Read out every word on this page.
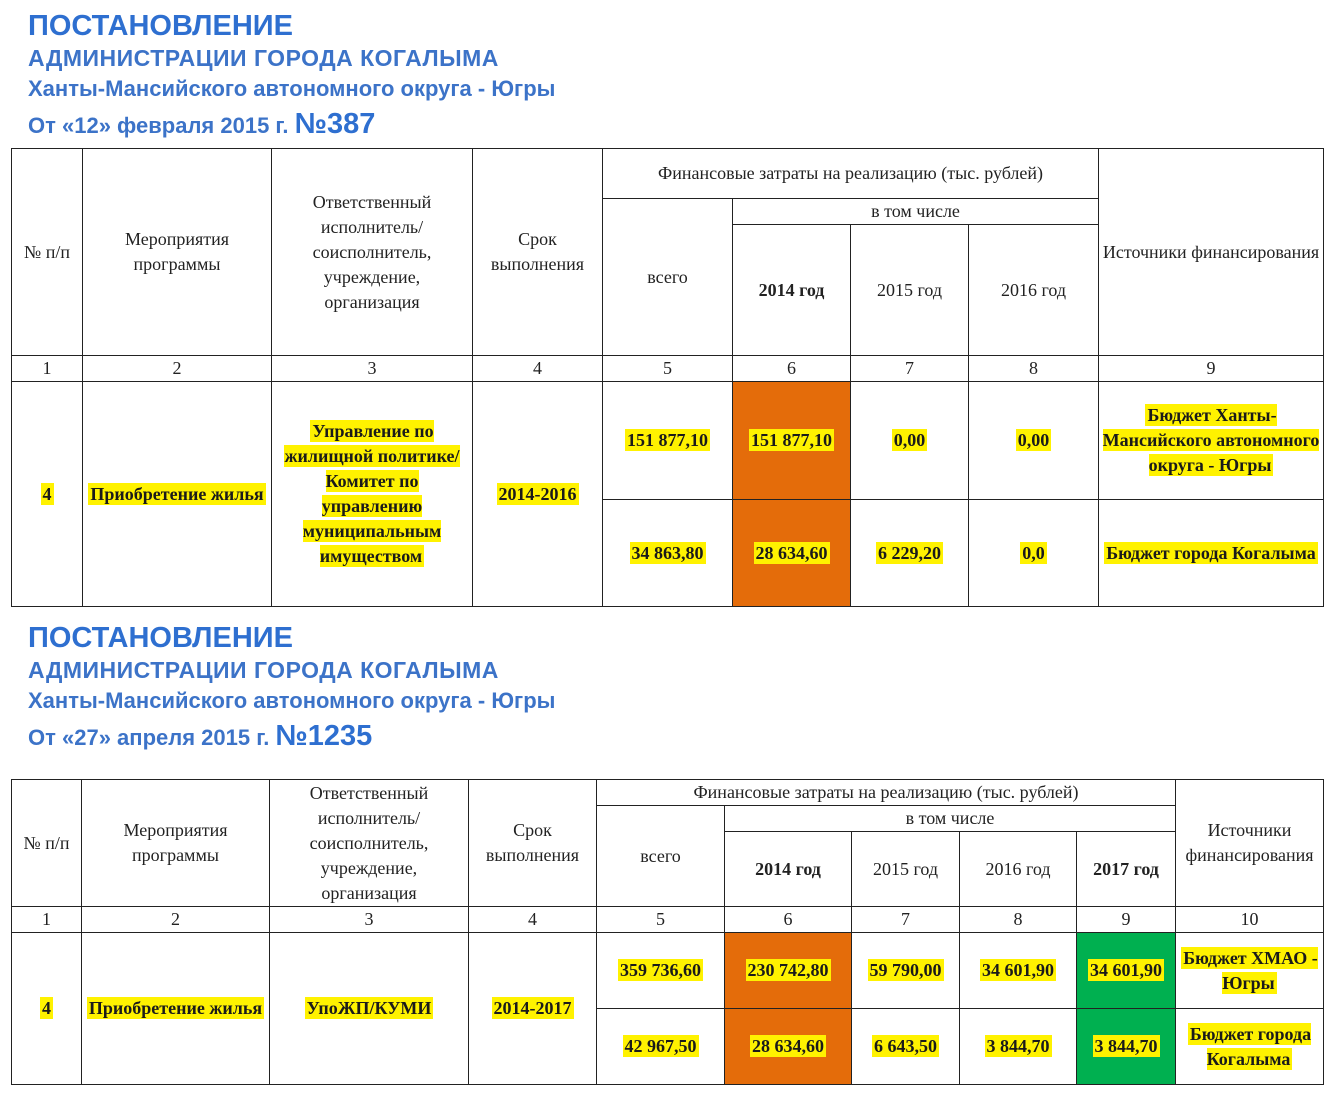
ПОСТАНОВЛЕНИЕ
АДМИНИСТРАЦИИ ГОРОДА КОГАЛЫМА
Ханты-Мансийского автономного округа - Югры
От «12» февраля 2015 г. №387
№ п/п	Мероприятия программы	Ответственный исполнитель/соисполнитель, учреждение, организация	Срок выполнения	Финансовые затраты на реализацию (тыс. рублей)				Источники финансирования
				всего	в том числе			
					2014 год	2015 год	2016 год	
1	2	3	4	5	6	7	8	9
4	Приобретение жилья	Управление по жилищной политике/Комитет по управлению муниципальным имуществом	2014-2016	151 877,10	151 877,10	0,00	0,00	Бюджет Ханты-Мансийского автономного округа - Югры
				34 863,80	28 634,60	6 229,20	0,0	Бюджет города Когалыма
ПОСТАНОВЛЕНИЕ
АДМИНИСТРАЦИИ ГОРОДА КОГАЛЫМА
Ханты-Мансийского автономного округа - Югры
От «27» апреля 2015 г. №1235
№ п/п	Мероприятия программы	Ответственный исполнитель/соисполнитель, учреждение, организация	Срок выполнения	Финансовые затраты на реализацию (тыс. рублей)					Источники финансирования
				всего	в том числе				
					2014 год	2015 год	2016 год	2017 год	
1	2	3	4	5	6	7	8	9	10
4	Приобретение жилья	УпоЖП/КУМИ	2014-2017	359 736,60	230 742,80	59 790,00	34 601,90	34 601,90	Бюджет ХМАО - Югры
				42 967,50	28 634,60	6 643,50	3 844,70	3 844,70	Бюджет города Когалыма
